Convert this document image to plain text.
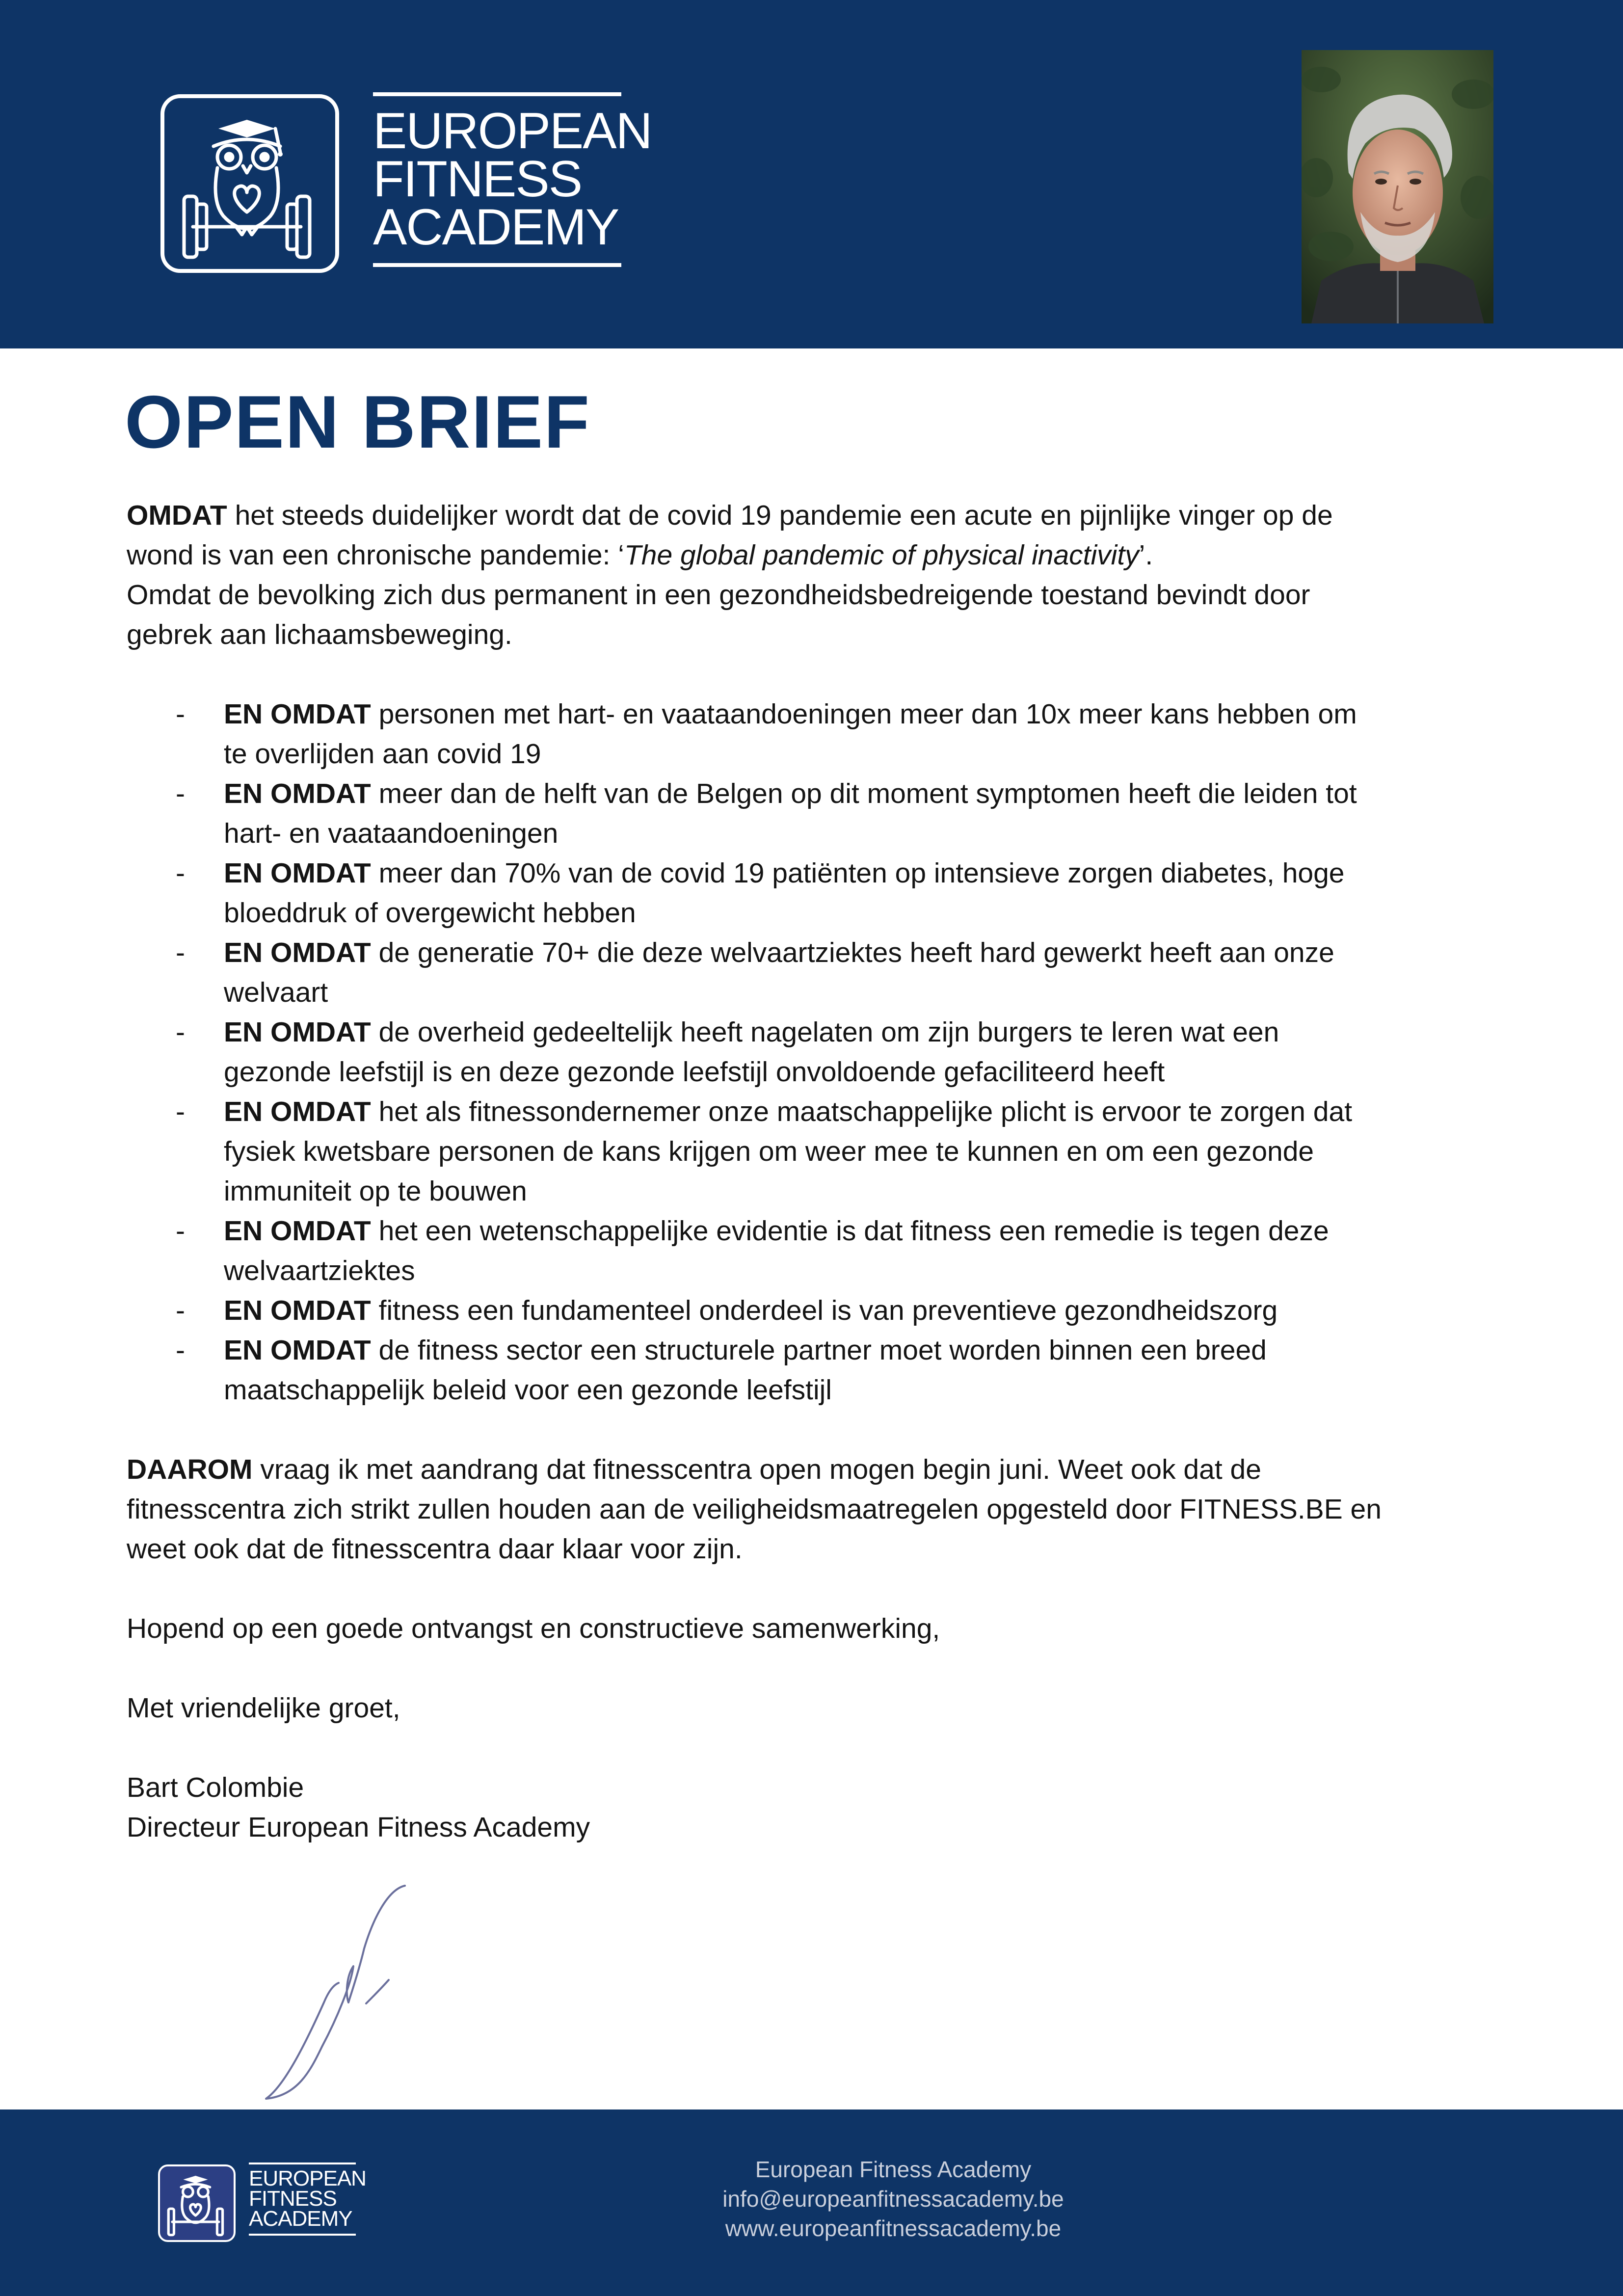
EUROPEAN
FITNESS
ACADEMY
OPEN BRIEF

OMDAT het steeds duidelijker wordt dat de covid 19 pandemie een acute en pijnlijke vinger op de wond is van een chronische pandemie: ‘The global pandemic of physical inactivity’.
Omdat de bevolking zich dus permanent in een gezondheidsbedreigende toestand bevindt door gebrek aan lichaamsbeweging.

- EN OMDAT personen met hart- en vaataandoeningen meer dan 10x meer kans hebben om te overlijden aan covid 19
- EN OMDAT meer dan de helft van de Belgen op dit moment symptomen heeft die leiden tot hart- en vaataandoeningen
- EN OMDAT meer dan 70% van de covid 19 patiënten op intensieve zorgen diabetes, hoge bloeddruk of overgewicht hebben
- EN OMDAT de generatie 70+ die deze welvaartziektes heeft hard gewerkt heeft aan onze welvaart
- EN OMDAT de overheid gedeeltelijk heeft nagelaten om zijn burgers te leren wat een gezonde leefstijl is en deze gezonde leefstijl onvoldoende gefaciliteerd heeft
- EN OMDAT het als fitnessondernemer onze maatschappelijke plicht is ervoor te zorgen dat fysiek kwetsbare personen de kans krijgen om weer mee te kunnen en om een gezonde immuniteit op te bouwen
- EN OMDAT het een wetenschappelijke evidentie is dat fitness een remedie is tegen deze welvaartziektes
- EN OMDAT fitness een fundamenteel onderdeel is van preventieve gezondheidszorg
- EN OMDAT de fitness sector een structurele partner moet worden binnen een breed maatschappelijk beleid voor een gezonde leefstijl

DAAROM vraag ik met aandrang dat fitnesscentra open mogen begin juni. Weet ook dat de fitnesscentra zich strikt zullen houden aan de veiligheidsmaatregelen opgesteld door FITNESS.BE en weet ook dat de fitnesscentra daar klaar voor zijn.

Hopend op een goede ontvangst en constructieve samenwerking,

Met vriendelijke groet,

Bart Colombie

Directeur European Fitness Academy

EUROPEAN
FITNESS
ACADEMY
European Fitness Academy
info@europeanfitnessacademy.be
www.europeanfitnessacademy.be
